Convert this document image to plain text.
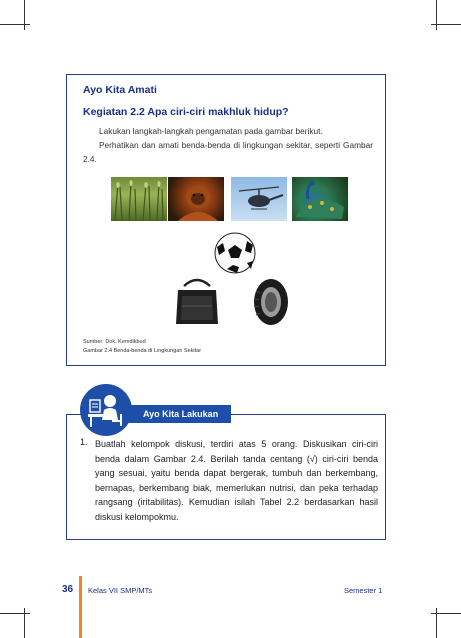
Ayo Kita Amati
Kegiatan 2.2 Apa ciri-ciri makhluk hidup?
Lakukan langkah-langkah pengamatan pada gambar berikut.
Perhatikan dan amati benda-benda di lingkungan sekitar, seperti Gambar 2.4.
Sumber: Dok. Kemdikbud
Gambar 2.4 Benda-benda di Lingkungan Sekitar
Ayo Kita Lakukan
1. Buatlah kelompok diskusi, terdiri atas 5 orang. Diskusikan ciri-ciri benda dalam Gambar 2.4. Berilah tanda centang (√) ciri-ciri benda yang sesuai, yaitu benda dapat bergerak, tumbuh dan berkembang, bernapas, berkembang biak, memerlukan nutrisi, dan peka terhadap rangsang (iritabilitas). Kemudian isilah Tabel 2.2 berdasarkan hasil diskusi kelompokmu.
36 Kelas VII SMP/MTs	Semester 1
